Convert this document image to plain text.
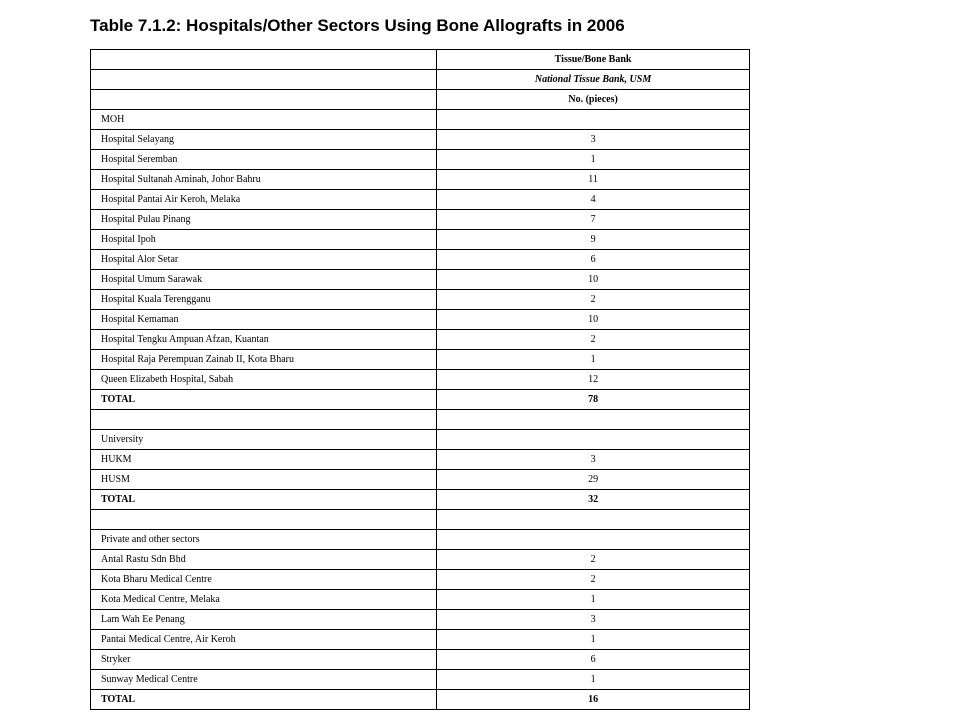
Table 7.1.2: Hospitals/Other Sectors Using Bone Allografts in 2006
	Tissue/Bone Bank
	National Tissue Bank, USM
	No. (pieces)
MOH	
Hospital Selayang	3
Hospital Seremban	1
Hospital Sultanah Aminah, Johor Bahru	11
Hospital Pantai Air Keroh, Melaka	4
Hospital Pulau Pinang	7
Hospital Ipoh	9
Hospital Alor Setar	6
Hospital Umum Sarawak	10
Hospital Kuala Terengganu	2
Hospital Kemaman	10
Hospital Tengku Ampuan Afzan, Kuantan	2
Hospital Raja Perempuan Zainab II, Kota Bharu	1
Queen Elizabeth Hospital, Sabah	12
TOTAL	78

University	
HUKM	3
HUSM	29
TOTAL	32

Private and other sectors	
Antal Rastu Sdn Bhd	2
Kota Bharu Medical Centre	2
Kota Medical Centre, Melaka	1
Lam Wah Ee Penang	3
Pantai Medical Centre, Air Keroh	1
Stryker	6
Sunway Medical Centre	1
TOTAL	16
